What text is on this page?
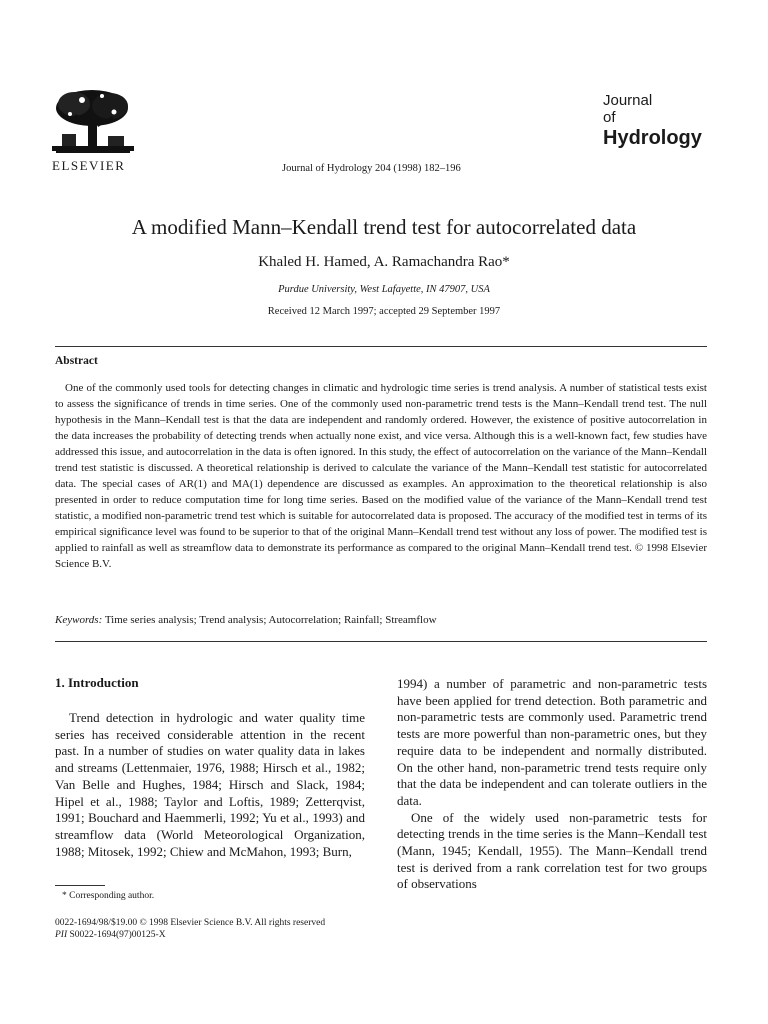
ELSEVIER	Journal of Hydrology 204 (1998) 182–196
Journal
of
Hydrology
A modified Mann–Kendall trend test for autocorrelated data
Khaled H. Hamed, A. Ramachandra Rao*
Purdue University, West Lafayette, IN 47907, USA
Received 12 March 1997; accepted 29 September 1997
Abstract
One of the commonly used tools for detecting changes in climatic and hydrologic time series is trend analysis. A number of statistical tests exist to assess the significance of trends in time series. One of the commonly used non-parametric trend tests is the Mann–Kendall trend test. The null hypothesis in the Mann–Kendall test is that the data are independent and randomly ordered. However, the existence of positive autocorrelation in the data increases the probability of detecting trends when actually none exist, and vice versa. Although this is a well-known fact, few studies have addressed this issue, and autocorrelation in the data is often ignored. In this study, the effect of autocorrelation on the variance of the Mann–Kendall trend test statistic is discussed. A theoretical relationship is derived to calculate the variance of the Mann–Kendall test statistic for autocorrelated data. The special cases of AR(1) and MA(1) dependence are discussed as examples. An approximation to the theoretical relationship is also presented in order to reduce computation time for long time series. Based on the modified value of the variance of the Mann–Kendall trend test statistic, a modified non-parametric trend test which is suitable for autocorrelated data is proposed. The accuracy of the modified test in terms of its empirical significance level was found to be superior to that of the original Mann–Kendall trend test without any loss of power. The modified test is applied to rainfall as well as streamflow data to demonstrate its performance as compared to the original Mann–Kendall trend test. © 1998 Elsevier Science B.V.
Keywords: Time series analysis; Trend analysis; Autocorrelation; Rainfall; Streamflow
1. Introduction

Trend detection in hydrologic and water quality time series has received considerable attention in the recent past. In a number of studies on water quality data in lakes and streams (Lettenmaier, 1976, 1988; Hirsch et al., 1982; Van Belle and Hughes, 1984; Hirsch and Slack, 1984; Hipel et al., 1988; Taylor and Loftis, 1989; Zetterqvist, 1991; Bouchard and Haemmerli, 1992; Yu et al., 1993) and streamflow data (World Meteorological Organization, 1988; Mitosek, 1992; Chiew and McMahon, 1993; Burn,

1994) a number of parametric and non-parametric tests have been applied for trend detection. Both parametric and non-parametric tests are commonly used. Parametric trend tests are more powerful than non-parametric ones, but they require data to be independent and normally distributed. On the other hand, non-parametric trend tests require only that the data be independent and can tolerate outliers in the data.

One of the widely used non-parametric tests for detecting trends in the time series is the Mann–Kendall test (Mann, 1945; Kendall, 1955). The Mann–Kendall trend test is derived from a rank correlation test for two groups of observations

* Corresponding author.
0022-1694/98/$19.00 © 1998 Elsevier Science B.V. All rights reserved
PII S0022-1694(97)00125-X
